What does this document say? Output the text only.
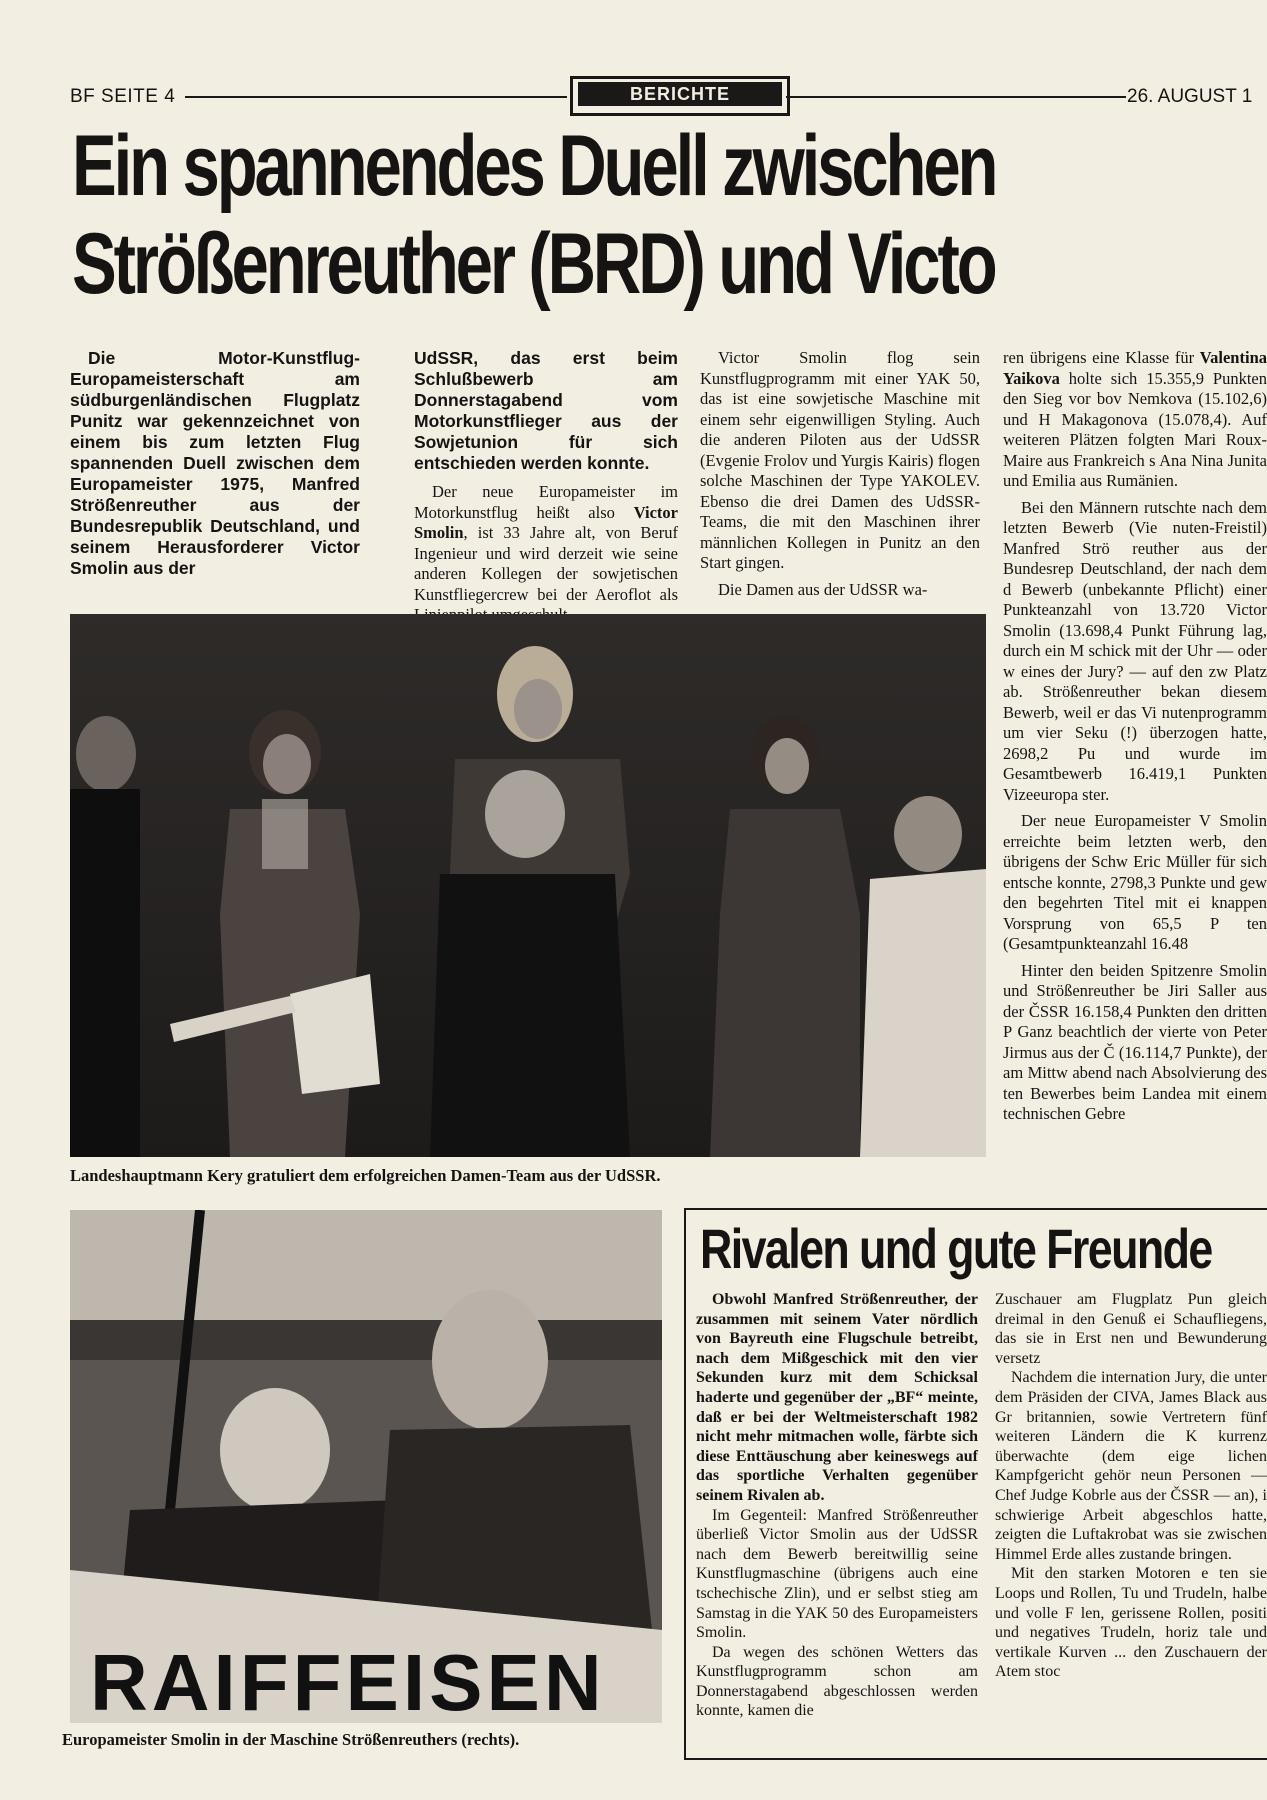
BF SEITE 4	BERICHTE	26. AUGUST 1
Ein spannendes Duell zwischen
Strößenreuther (BRD) und Victo

Die Motor-Kunstflug-Europameisterschaft am südburgenländischen Flugplatz Punitz war gekennzeichnet von einem bis zum letzten Flug spannenden Duell zwischen dem Europameister 1975, Manfred Strößenreuther aus der Bundesrepublik Deutschland, und seinem Herausforderer Victor Smolin aus der

UdSSR, das erst beim Schlußbewerb am Donnerstagabend vom Motorkunstflieger aus der Sowjetunion für sich entschieden werden konnte.

Der neue Europameister im Motorkunstflug heißt also Victor Smolin, ist 33 Jahre alt, von Beruf Ingenieur und wird derzeit wie seine anderen Kollegen der sowjetischen Kunstfliegercrew bei der Aeroflot als

Victor Smolin flog sein Kunstflugprogramm mit einer YAK 50, das ist eine sowjetische Maschine mit einem sehr eigenwilligen Styling. Auch die anderen Piloten aus der UdSSR (Evgenie Frolov und Yurgis Kairis) flogen solche Maschinen der Type YAKOLEV. Ebenso die drei Damen des UdSSR-Teams, die mit den Maschinen ihrer männlichen Kollegen in Punitz an den Start gingen.

Die Damen aus der UdSSR wa-

ren übrigens eine Klasse für Valentina Yaikova holte sich 15.355,9 Punkten den Sieg vor bov Nemkova (15.102,6) und H Makagonova (15.078,4). Auf weiteren Plätzen folgten Mari Roux-Maire aus Frankreich s Ana Nina Junita und Emilia aus Rumänien.

Bei den Männern rutschte nach dem letzten Bewerb (Vie nuten-Freistil) Manfred Strö reuther aus der Bundesrep Deutschland, der nach dem d Bewerb (unbekannte Pflicht) einer Punkteanzahl von 13.720 Victor Smolin (13.698,4 Punkt Führung lag, durch ein M schick mit der Uhr — oder w eines der Jury? — auf den zw Platz ab. Strößenreuther bekan diesem Bewerb, weil er das Vi nutenprogramm um vier Seku (!) überzogen hatte, 2698,2 Pu und wurde im Gesamtbewerb 16.419,1 Punkten Vizeeuropa ster.

Der neue Europameister V Smolin erreichte beim letzten werb, den übrigens der Schw Eric Müller für sich entsche konnte, 2798,3 Punkte und gew den begehrten Titel mit ei knappen Vorsprung von 65,5 P ten (Gesamtpunkteanzahl 16.48

Hinter den beiden Spitzenre Smolin und Strößenreuther be Jiri Saller aus der ČSSR 16.158,4 Punkten den dritten P Ganz beachtlich der vierte von Peter Jirmus aus der Č (16.114,7 Punkte), der am Mittw abend nach Absolvierung des ten Bewerbes beim Landea mit einem technischen Gebre

Landeshauptmann Kery gratuliert dem erfolgreichen Damen-Team aus der UdSSR.
RAIFFEISEN
Europameister Smolin in der Maschine Strößenreuthers (rechts).
Rivalen und gute Freunde

Obwohl Manfred Strößenreuther, der zusammen mit seinem Vater nördlich von Bayreuth eine Flugschule betreibt, nach dem Mißgeschick mit den vier Sekunden kurz mit dem Schicksal haderte und gegenüber der „BF“ meinte, daß er bei der Weltmeisterschaft 1982 nicht mehr mitmachen wolle, färbte sich diese Enttäuschung aber keineswegs auf das sportliche Verhalten gegenüber seinem Rivalen ab.

Im Gegenteil: Manfred Strößenreuther überließ Victor Smolin aus der UdSSR nach dem Bewerb bereitwillig seine Kunstflugmaschine (übrigens auch eine tschechische Zlin), und er selbst stieg am Samstag in die YAK 50 des Europameisters Smolin.

Da wegen des schönen Wetters das Kunstflugprogramm schon am Donnerstagabend abgeschlossen werden konnte, kamen die

Zuschauer am Flugplatz Pun gleich dreimal in den Genuß ei Schaufliegens, das sie in Erst nen und Bewunderung versetz

Nachdem die internation Jury, die unter dem Präsiden der CIVA, James Black aus Gr britannien, sowie Vertretern fünf weiteren Ländern die K kurrenz überwachte (dem eige lichen Kampfgericht gehör neun Personen — Chef Judge Kobrle aus der ČSSR — an), i schwierige Arbeit abgeschlos hatte, zeigten die Luftakrobat was sie zwischen Himmel Erde alles zustande bringen.

Mit den starken Motoren e ten sie Loops und Rollen, Tu und Trudeln, halbe und volle F len, gerissene Rollen, positi und negatives Trudeln, horiz tale und vertikale Kurven ... den Zuschauern der Atem stoc
